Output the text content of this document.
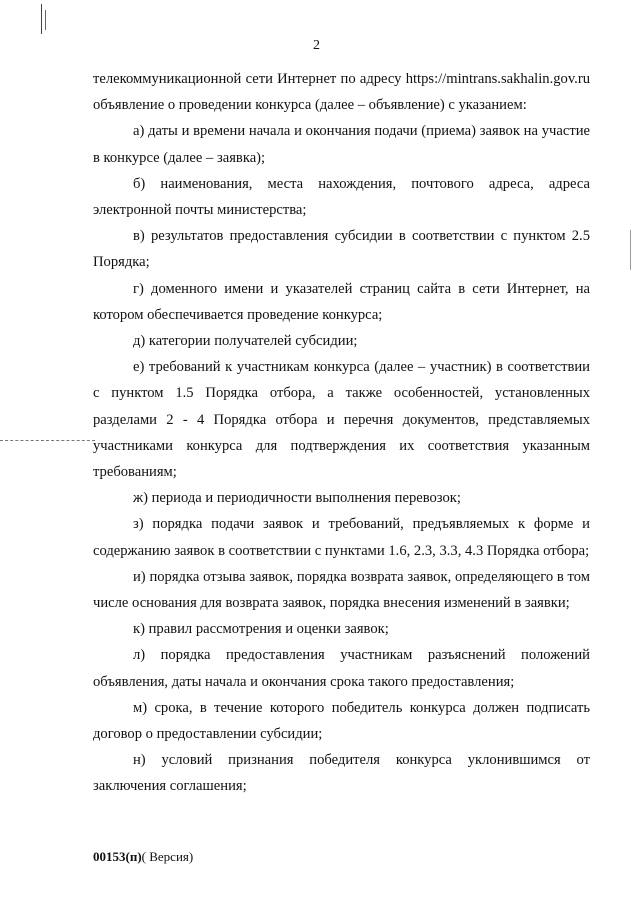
2

телекоммуникационной сети Интернет по адресу https://mintrans.sakhalin.gov.ru объявление о проведении конкурса (далее – объявление) с указанием:

а) даты и времени начала и окончания подачи (приема) заявок на участие в конкурсе (далее – заявка);

б) наименования, места нахождения, почтового адреса, адреса электронной почты министерства;

в) результатов предоставления субсидии в соответствии с пунктом 2.5 Порядка;

г) доменного имени и указателей страниц сайта в сети Интернет, на котором обеспечивается проведение конкурса;

д) категории получателей субсидии;

е) требований к участникам конкурса (далее – участник) в соответствии с пунктом 1.5 Порядка отбора, а также особенностей, установленных разделами 2 - 4 Порядка отбора и перечня документов, представляемых участниками конкурса для подтверждения их соответствия указанным требованиям;

ж) периода и периодичности выполнения перевозок;

з) порядка подачи заявок и требований, предъявляемых к форме и содержанию заявок в соответствии с пунктами 1.6, 2.3, 3.3, 4.3 Порядка отбора;

и) порядка отзыва заявок, порядка возврата заявок, определяющего в том числе основания для возврата заявок, порядка внесения изменений в заявки;

к) правил рассмотрения и оценки заявок;

л) порядка предоставления участникам разъяснений положений объявления, даты начала и окончания срока такого предоставления;

м) срока, в течение которого победитель конкурса должен подписать договор о предоставлении субсидии;

н) условий признания победителя конкурса уклонившимся от заключения соглашения;

00153(п)( Версия)
